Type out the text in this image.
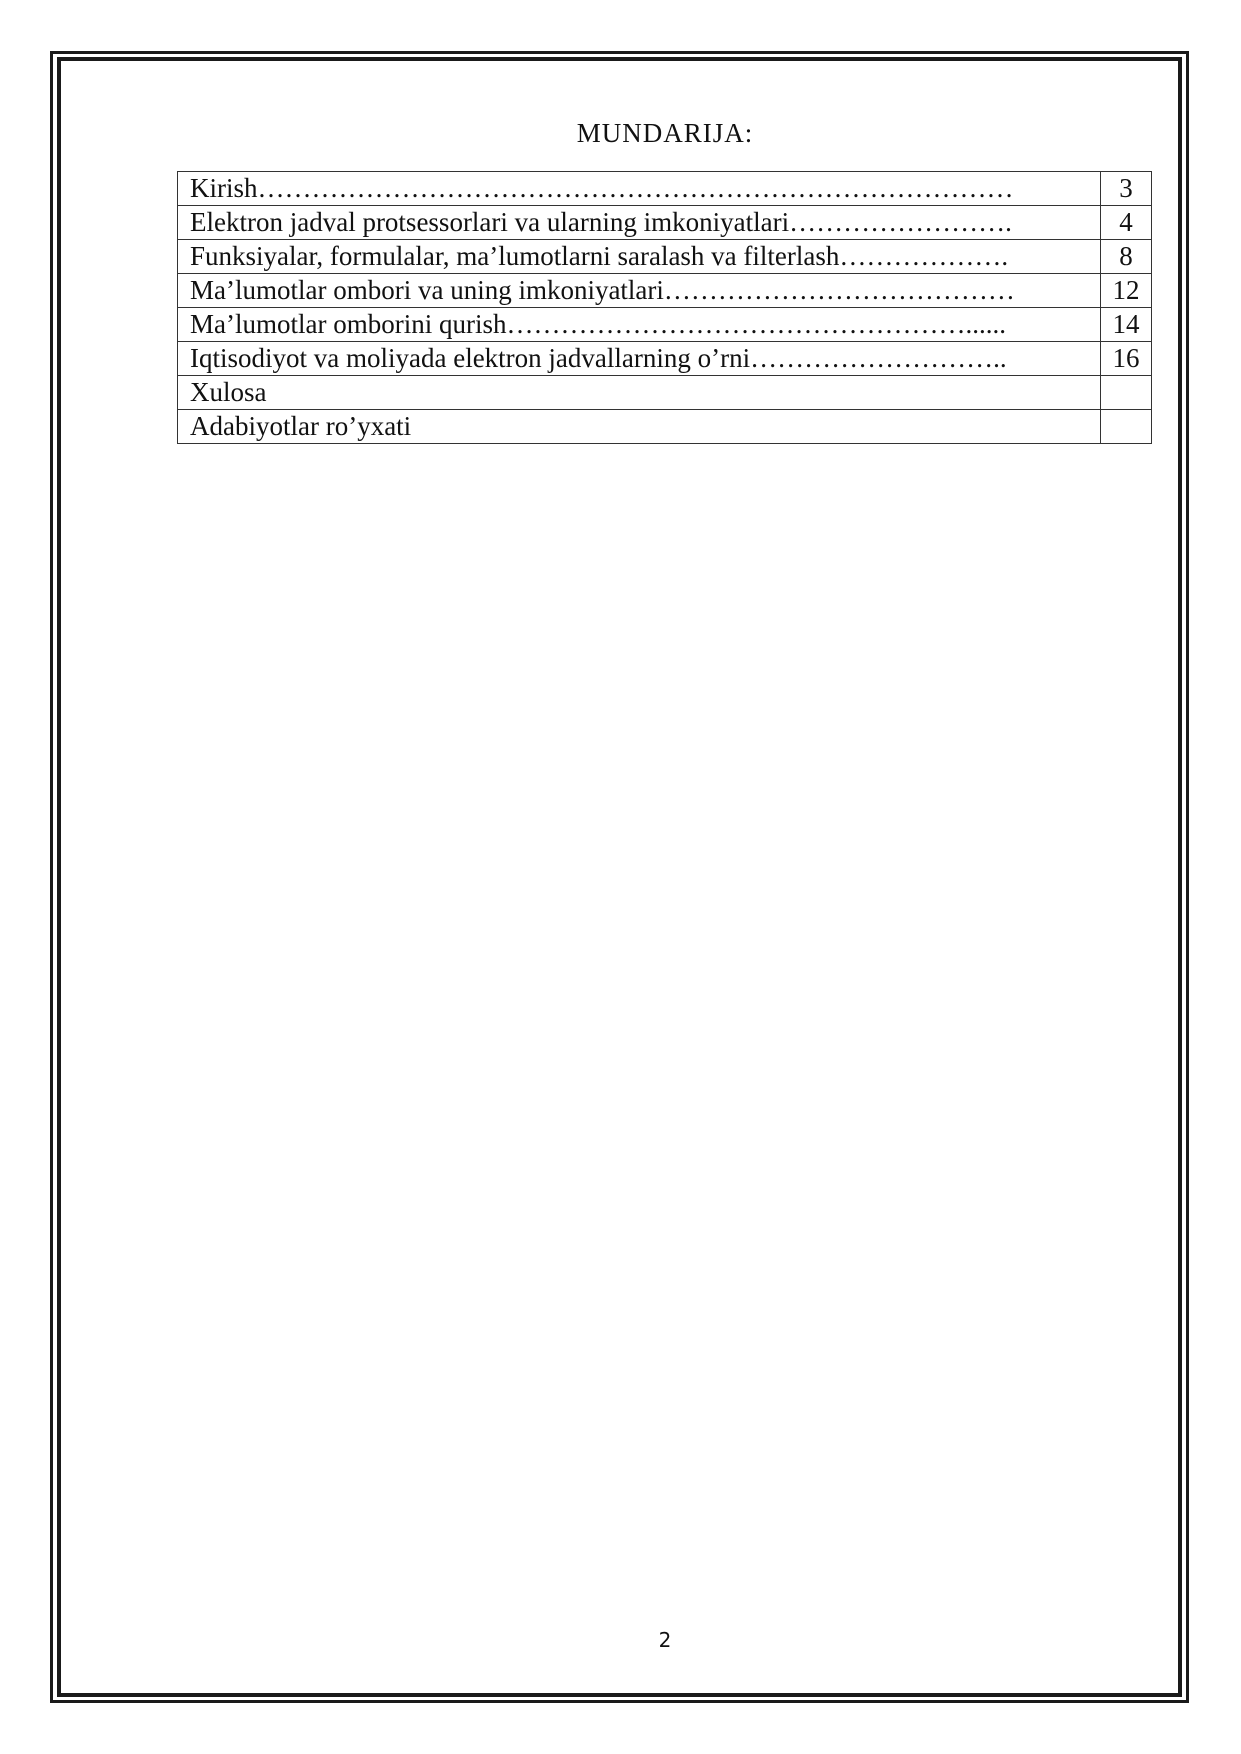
MUNDARIJA:
Kirish…………………………………………………………………………	3
Elektron jadval protsessorlari va ularning imkoniyatlari…………………….	4
Funksiyalar, formulalar, ma’lumotlarni saralash va filterlash……………….	8
Ma’lumotlar ombori va uning imkoniyatlari…………………………………	12
Ma’lumotlar omborini qurish……………………………………………......	14
Iqtisodiyot va moliyada elektron jadvallarning o’rni………………………..	16
Xulosa	
Adabiyotlar ro’yxati	
2
